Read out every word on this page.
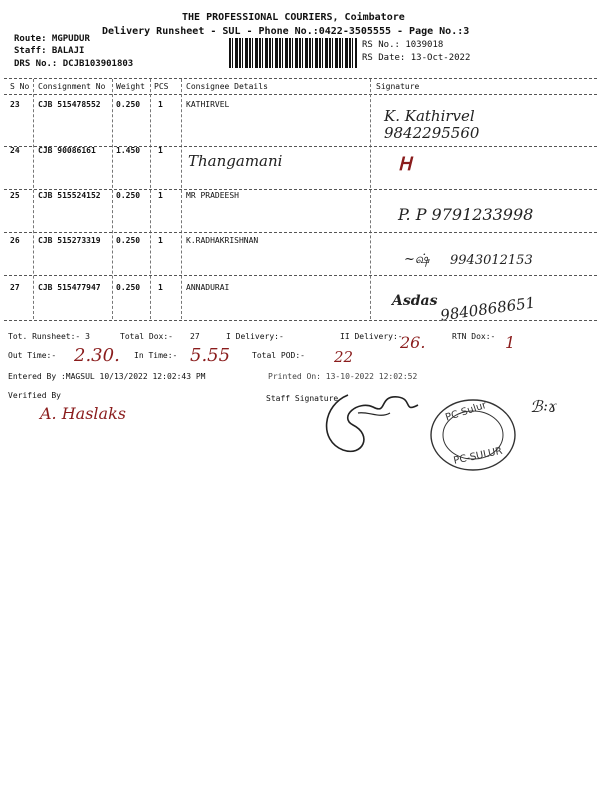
THE PROFESSIONAL COURIERS, Coimbatore
Delivery Runsheet - SUL - Phone No.:0422-3505555 - Page No.:3
Route: MGPUDUR
Staff: BALAJI
DRS No.: DCJB103901803
RS No.: 1039018
RS Date: 13-Oct-2022
S No Consignment No Weight PCS Consignee Details	Signature
23 CJB 515478552 0.250 1	KATHIRVEL
K. Kathirvel 9842295560
24 CJB 90086161	1.450 1
Thangamani	ᕼ
25 CJB 515524152 0.250 1	MR PRADEESH
P. P 9791233998
26 CJB 515273319 0.250 1	K.RADHAKRISHNAN
~ஷ் 9943012153
27 CJB 515477947 0.250 1	ANNADURAI
Asdas 9840868651
Tot. Runsheet:- 3	Total Dox:- 27	I Delivery:-	II Delivery:-
26.	RTN Dox:- 1
Out Time:- 2.30. In Time:- 5.55	Total POD:- 22
Entered By :MAGSUL 10/13/2022 12:02:43 PM	Printed On: 13-10-2022 12:02:52
Verified By
A. Haslaks
Staff Signature
PC-Sulur
PC-SULUR
ℬ꞉ɤ
